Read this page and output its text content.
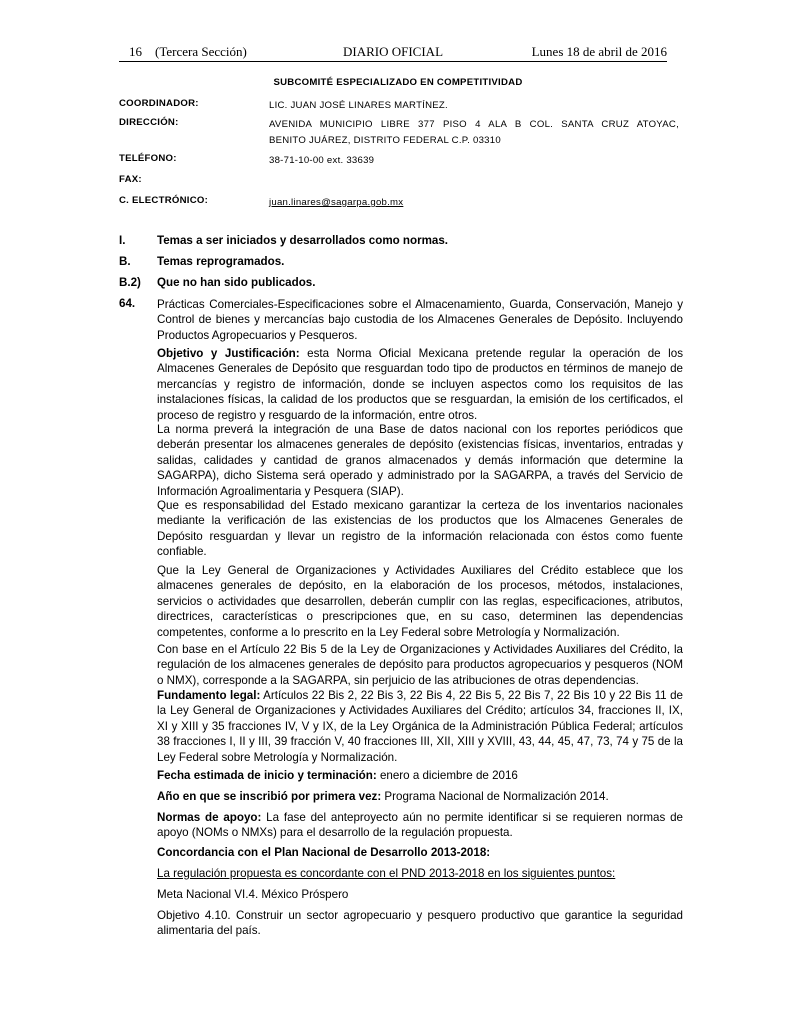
16 (Tercera Sección)	DIARIO OFICIAL	Lunes 18 de abril de 2016
SUBCOMITÉ ESPECIALIZADO EN COMPETITIVIDAD
COORDINADOR:	LIC. JUAN JOSÉ LINARES MARTÍNEZ.
DIRECCIÓN:	AVENIDA MUNICIPIO LIBRE 377 PISO 4 ALA B COL. SANTA CRUZ ATOYAC,
BENITO JUÁREZ, DISTRITO FEDERAL C.P. 03310
TELÉFONO:	38-71-10-00 ext. 33639
FAX:
C. ELECTRÓNICO:	juan.linares@sagarpa.gob.mx
I.	Temas a ser iniciados y desarrollados como normas.
B. Temas reprogramados.
B.2) Que no han sido publicados.
64. Prácticas Comerciales-Especificaciones sobre el Almacenamiento, Guarda, Conservación, Manejo y Control de bienes y mercancías bajo custodia de los Almacenes Generales de Depósito. Incluyendo Productos Agropecuarios y Pesqueros.

Objetivo y Justificación: esta Norma Oficial Mexicana pretende regular la operación de los Almacenes Generales de Depósito que resguardan todo tipo de productos en términos de manejo de mercancías y registro de información, donde se incluyen aspectos como los requisitos de las instalaciones físicas, la calidad de los productos que se resguardan, la emisión de los certificados, el proceso de registro y resguardo de la información, entre otros.

La norma preverá la integración de una Base de datos nacional con los reportes periódicos que deberán presentar los almacenes generales de depósito (existencias físicas, inventarios, entradas y salidas, calidades y cantidad de granos almacenados y demás información que determine la SAGARPA), dicho Sistema será operado y administrado por la SAGARPA, a través del Servicio de Información Agroalimentaria y Pesquera (SIAP).

Que es responsabilidad del Estado mexicano garantizar la certeza de los inventarios nacionales mediante la verificación de las existencias de los productos que los Almacenes Generales de Depósito resguardan y llevar un registro de la información relacionada con éstos como fuente confiable.

Que la Ley General de Organizaciones y Actividades Auxiliares del Crédito establece que los almacenes generales de depósito, en la elaboración de los procesos, métodos, instalaciones, servicios o actividades que desarrollen, deberán cumplir con las reglas, especificaciones, atributos, directrices, características o prescripciones que, en su caso, determinen las dependencias competentes, conforme a lo prescrito en la Ley Federal sobre Metrología y Normalización.

Con base en el Artículo 22 Bis 5 de la Ley de Organizaciones y Actividades Auxiliares del Crédito, la regulación de los almacenes generales de depósito para productos agropecuarios y pesqueros (NOM o NMX), corresponde a la SAGARPA, sin perjuicio de las atribuciones de otras dependencias.

Fundamento legal: Artículos 22 Bis 2, 22 Bis 3, 22 Bis 4, 22 Bis 5, 22 Bis 7, 22 Bis 10 y 22 Bis 11 de la Ley General de Organizaciones y Actividades Auxiliares del Crédito; artículos 34, fracciones II, IX, XI y XIII y 35 fracciones IV, V y IX, de la Ley Orgánica de la Administración Pública Federal; artículos 38 fracciones I, II y III, 39 fracción V, 40 fracciones III, XII, XIII y XVIII, 43, 44, 45, 47, 73, 74 y 75 de la Ley Federal sobre Metrología y Normalización.

Fecha estimada de inicio y terminación: enero a diciembre de 2016

Año en que se inscribió por primera vez: Programa Nacional de Normalización 2014.

Normas de apoyo: La fase del anteproyecto aún no permite identificar si se requieren normas de apoyo (NOMs o NMXs) para el desarrollo de la regulación propuesta.

Concordancia con el Plan Nacional de Desarrollo 2013-2018:

La regulación propuesta es concordante con el PND 2013-2018 en los siguientes puntos:

Meta Nacional VI.4. México Próspero

Objetivo 4.10. Construir un sector agropecuario y pesquero productivo que garantice la seguridad alimentaria del país.
